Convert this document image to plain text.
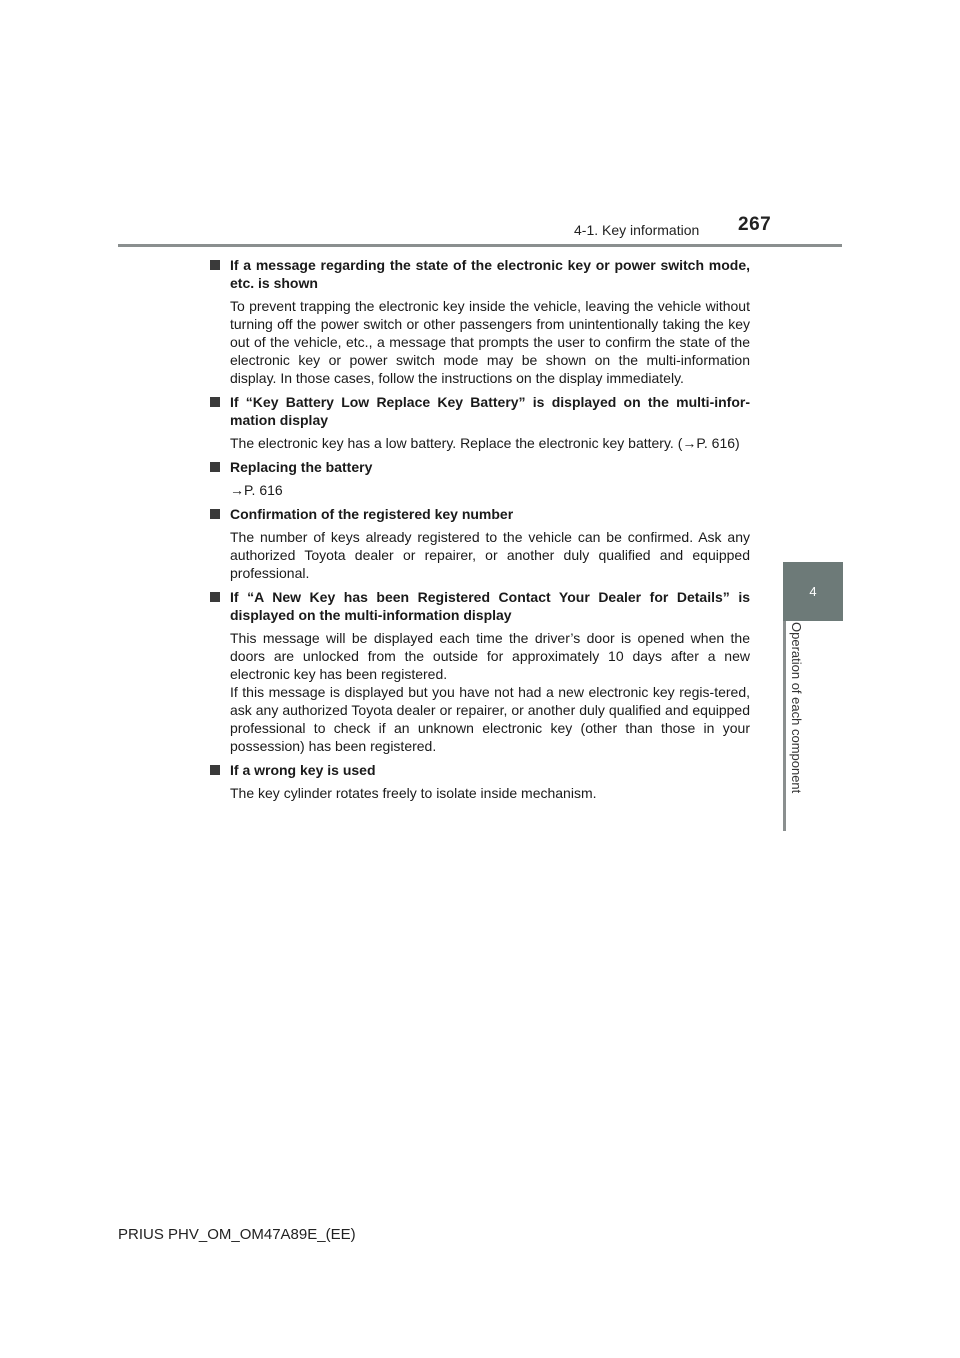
4-1. Key information 267
4
Operation of each component
If a message regarding the state of the electronic key or power switch mode, etc. is shown

To prevent trapping the electronic key inside the vehicle, leaving the vehicle without turning off the power switch or other passengers from unintentionally taking the key out of the vehicle, etc., a message that prompts the user to confirm the state of the electronic key or power switch mode may be shown on the multi-information display. In those cases, follow the instructions on the display immediately.

If “Key Battery Low Replace Key Battery” is displayed on the multi-infor-mation display

The electronic key has a low battery. Replace the electronic key battery. (→P. 616)

Replacing the battery

→P. 616

Confirmation of the registered key number

The number of keys already registered to the vehicle can be confirmed. Ask any authorized Toyota dealer or repairer, or another duly qualified and equipped professional.

If “A New Key has been Registered Contact Your Dealer for Details” is displayed on the multi-information display

This message will be displayed each time the driver’s door is opened when the doors are unlocked from the outside for approximately 10 days after a new electronic key has been registered.

If this message is displayed but you have not had a new electronic key regis-tered, ask any authorized Toyota dealer or repairer, or another duly qualified and equipped professional to check if an unknown electronic key (other than those in your possession) has been registered.

If a wrong key is used

The key cylinder rotates freely to isolate inside mechanism.

PRIUS PHV_OM_OM47A89E_(EE)
